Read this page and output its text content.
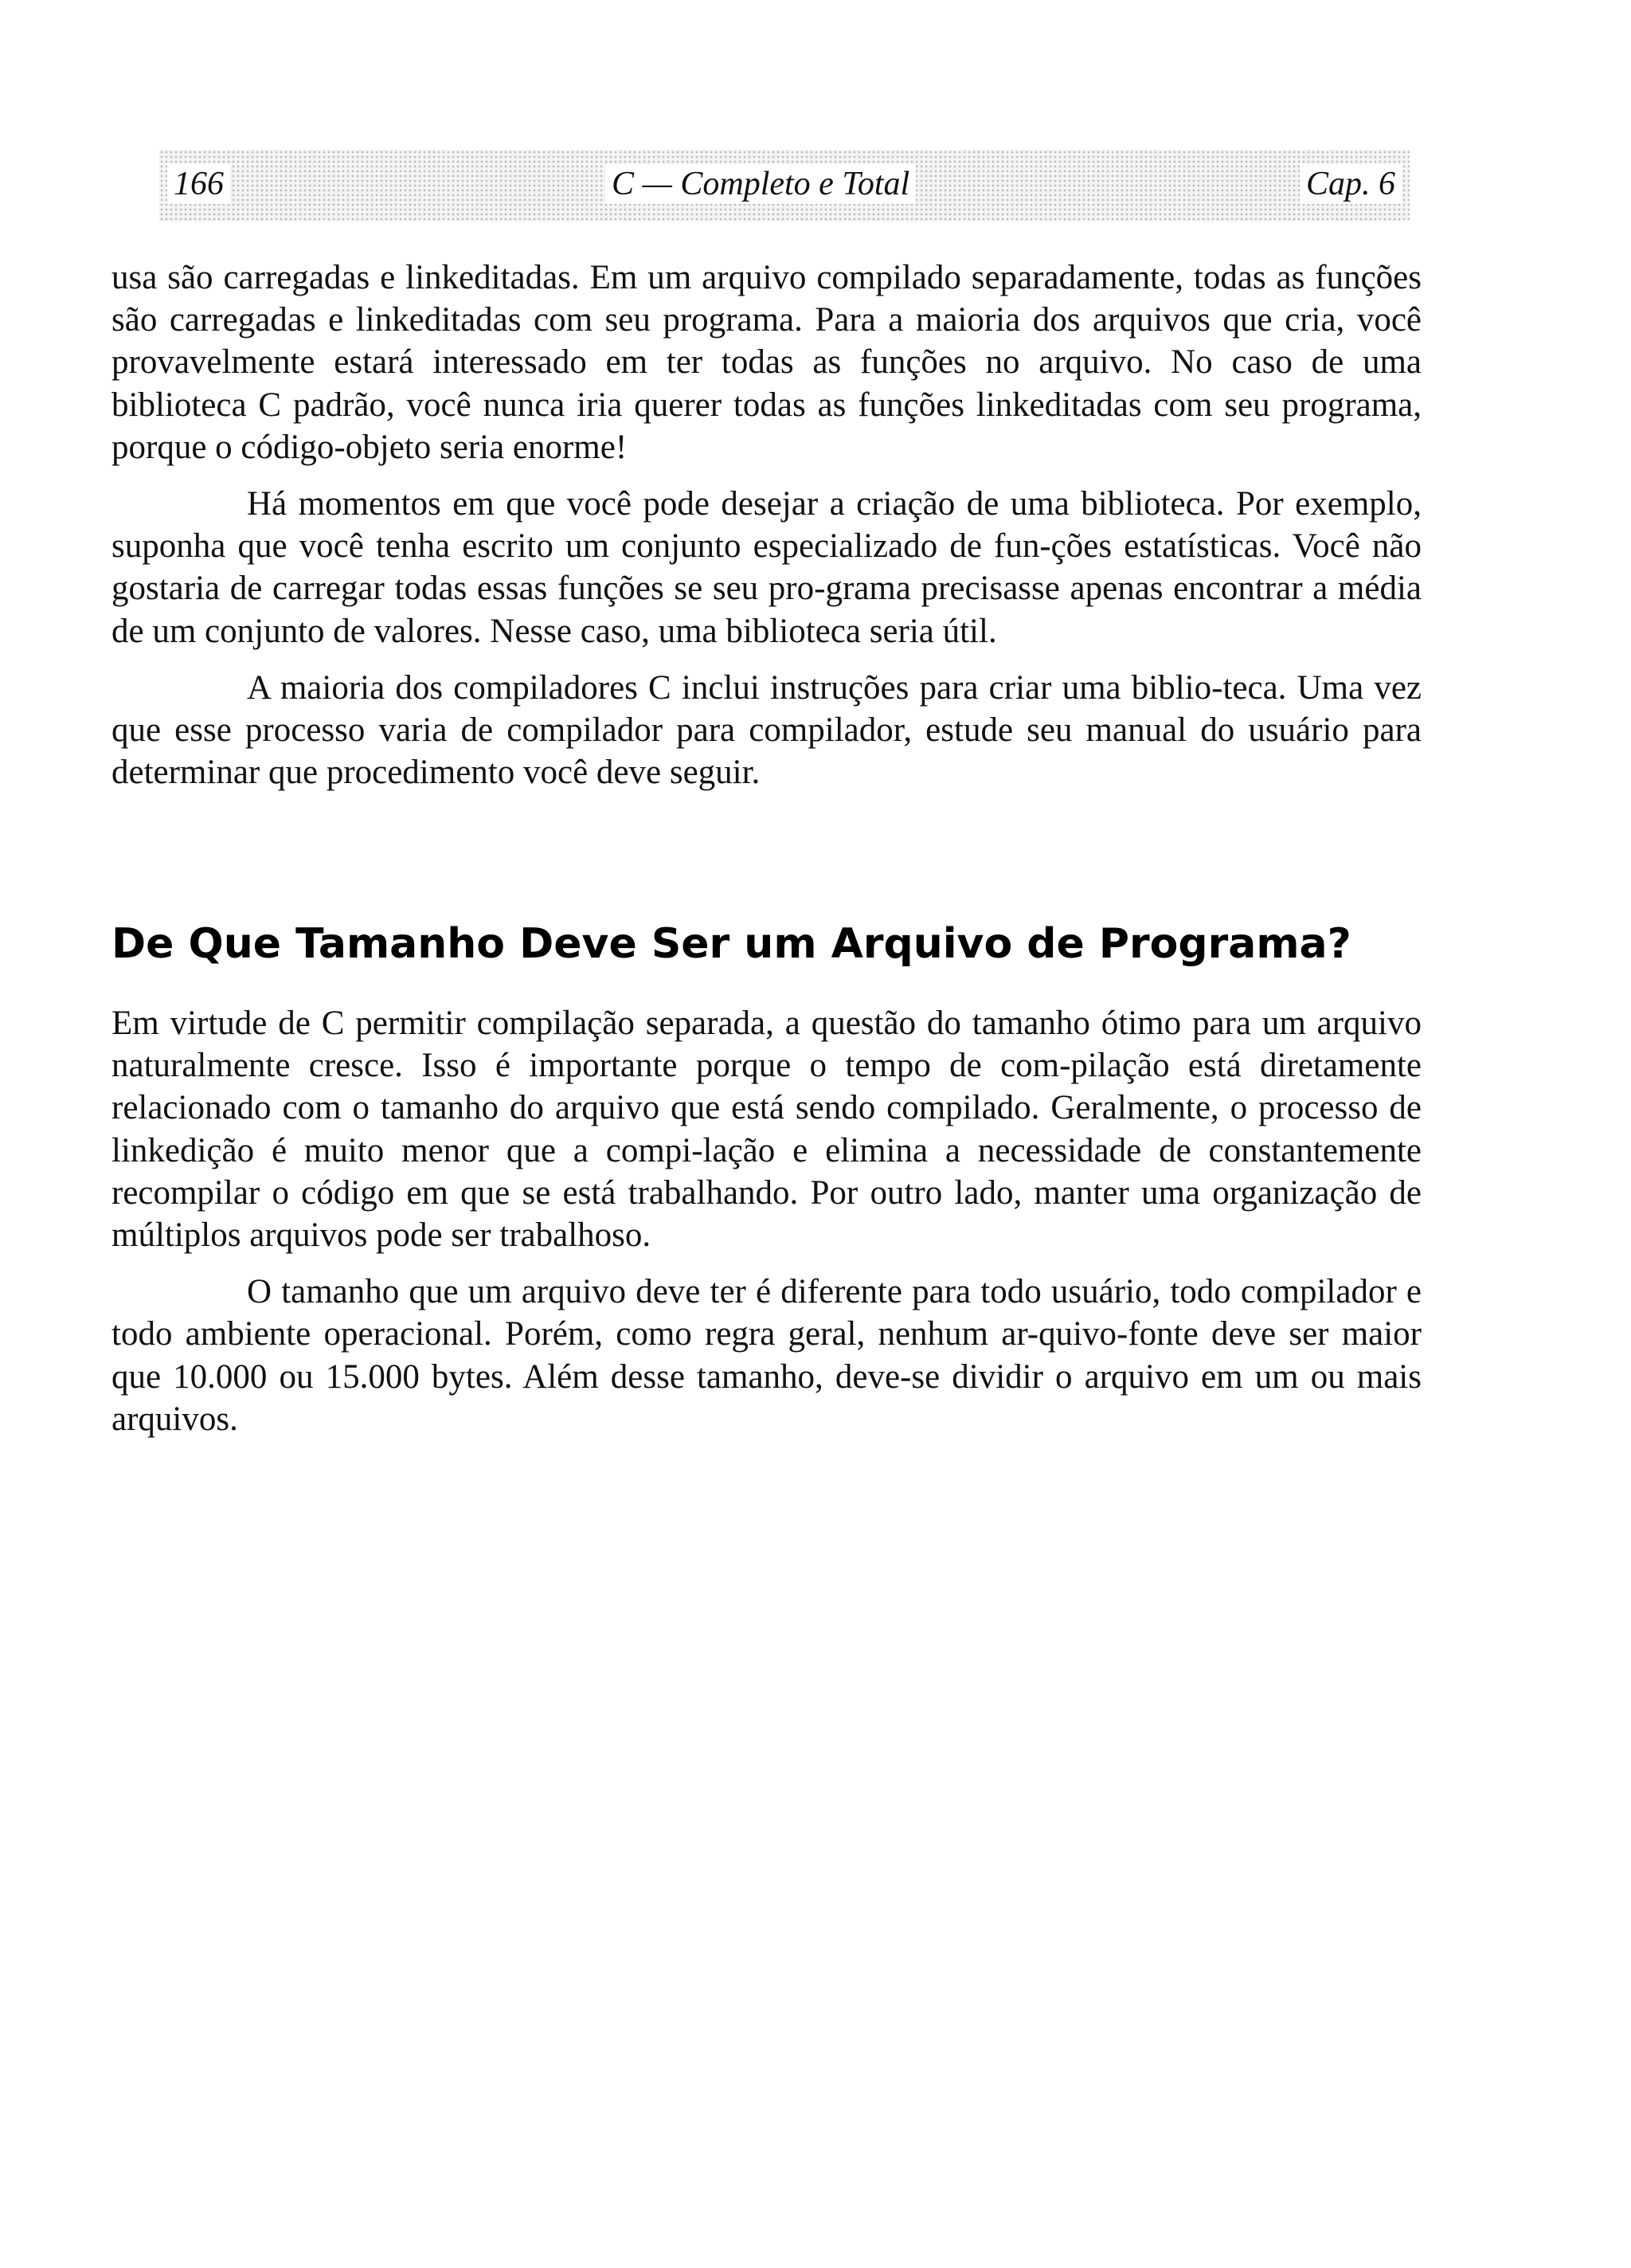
166	C — Completo e Total	Cap. 6

usa são carregadas e linkeditadas. Em um arquivo compilado separadamente, todas as funções são carregadas e linkeditadas com seu programa. Para a maioria dos arquivos que cria, você provavelmente estará interessado em ter todas as funções no arquivo. No caso de uma biblioteca C padrão, você nunca iria querer todas as funções linkeditadas com seu programa, porque o código-objeto seria enorme!

Há momentos em que você pode desejar a criação de uma biblioteca. Por exemplo, suponha que você tenha escrito um conjunto especializado de fun-ções estatísticas. Você não gostaria de carregar todas essas funções se seu pro-grama precisasse apenas encontrar a média de um conjunto de valores. Nesse caso, uma biblioteca seria útil.

A maioria dos compiladores C inclui instruções para criar uma biblio-teca. Uma vez que esse processo varia de compilador para compilador, estude seu manual do usuário para determinar que procedimento você deve seguir.

De Que Tamanho Deve Ser um Arquivo de Programa?

Em virtude de C permitir compilação separada, a questão do tamanho ótimo para um arquivo naturalmente cresce. Isso é importante porque o tempo de com-pilação está diretamente relacionado com o tamanho do arquivo que está sendo compilado. Geralmente, o processo de linkedição é muito menor que a compi-lação e elimina a necessidade de constantemente recompilar o código em que se está trabalhando. Por outro lado, manter uma organização de múltiplos arquivos pode ser trabalhoso.

O tamanho que um arquivo deve ter é diferente para todo usuário, todo compilador e todo ambiente operacional. Porém, como regra geral, nenhum ar-quivo-fonte deve ser maior que 10.000 ou 15.000 bytes. Além desse tamanho, deve-se dividir o arquivo em um ou mais arquivos.
